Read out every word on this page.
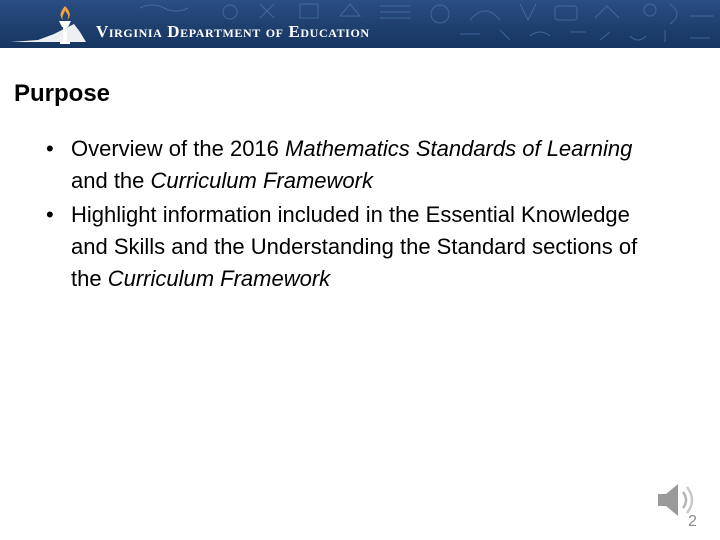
Virginia Department of Education
Purpose
• Overview of the 2016 Mathematics Standards of Learning and the Curriculum Framework
• Highlight information included in the Essential Knowledge and Skills and the Understanding the Standard sections of the Curriculum Framework
2
